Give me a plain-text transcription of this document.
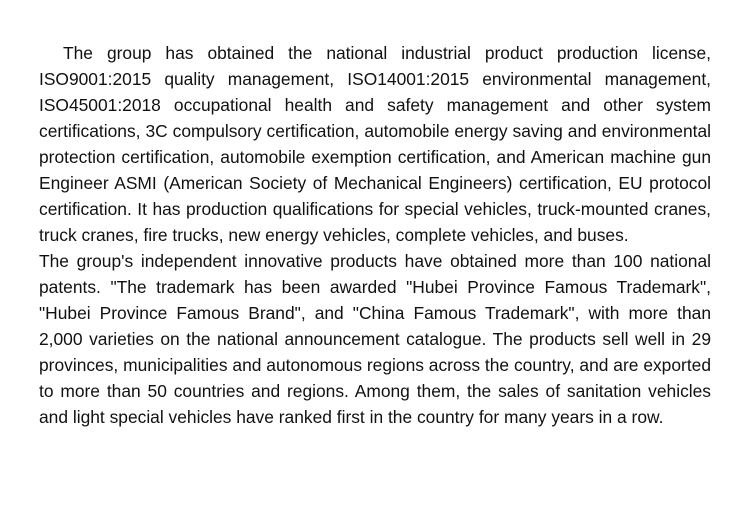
The group has obtained the national industrial product production license, ISO9001:2015 quality management, ISO14001:2015 environmental management, ISO45001:2018 occupational health and safety management and other system certifications, 3C compulsory certification, automobile energy saving and environmental protection certification, automobile exemption certification, and American machine gun Engineer ASMI (American Society of Mechanical Engineers) certification, EU protocol certification. It has production qualifications for special vehicles, truck-mounted cranes, truck cranes, fire trucks, new energy vehicles, complete vehicles, and buses.

The group's independent innovative products have obtained more than 100 national patents. "The trademark has been awarded "Hubei Province Famous Trademark", "Hubei Province Famous Brand", and "China Famous Trademark", with more than 2,000 varieties on the national announcement catalogue. The products sell well in 29 provinces, municipalities and autonomous regions across the country, and are exported to more than 50 countries and regions. Among them, the sales of sanitation vehicles and light special vehicles have ranked first in the country for many years in a row.
